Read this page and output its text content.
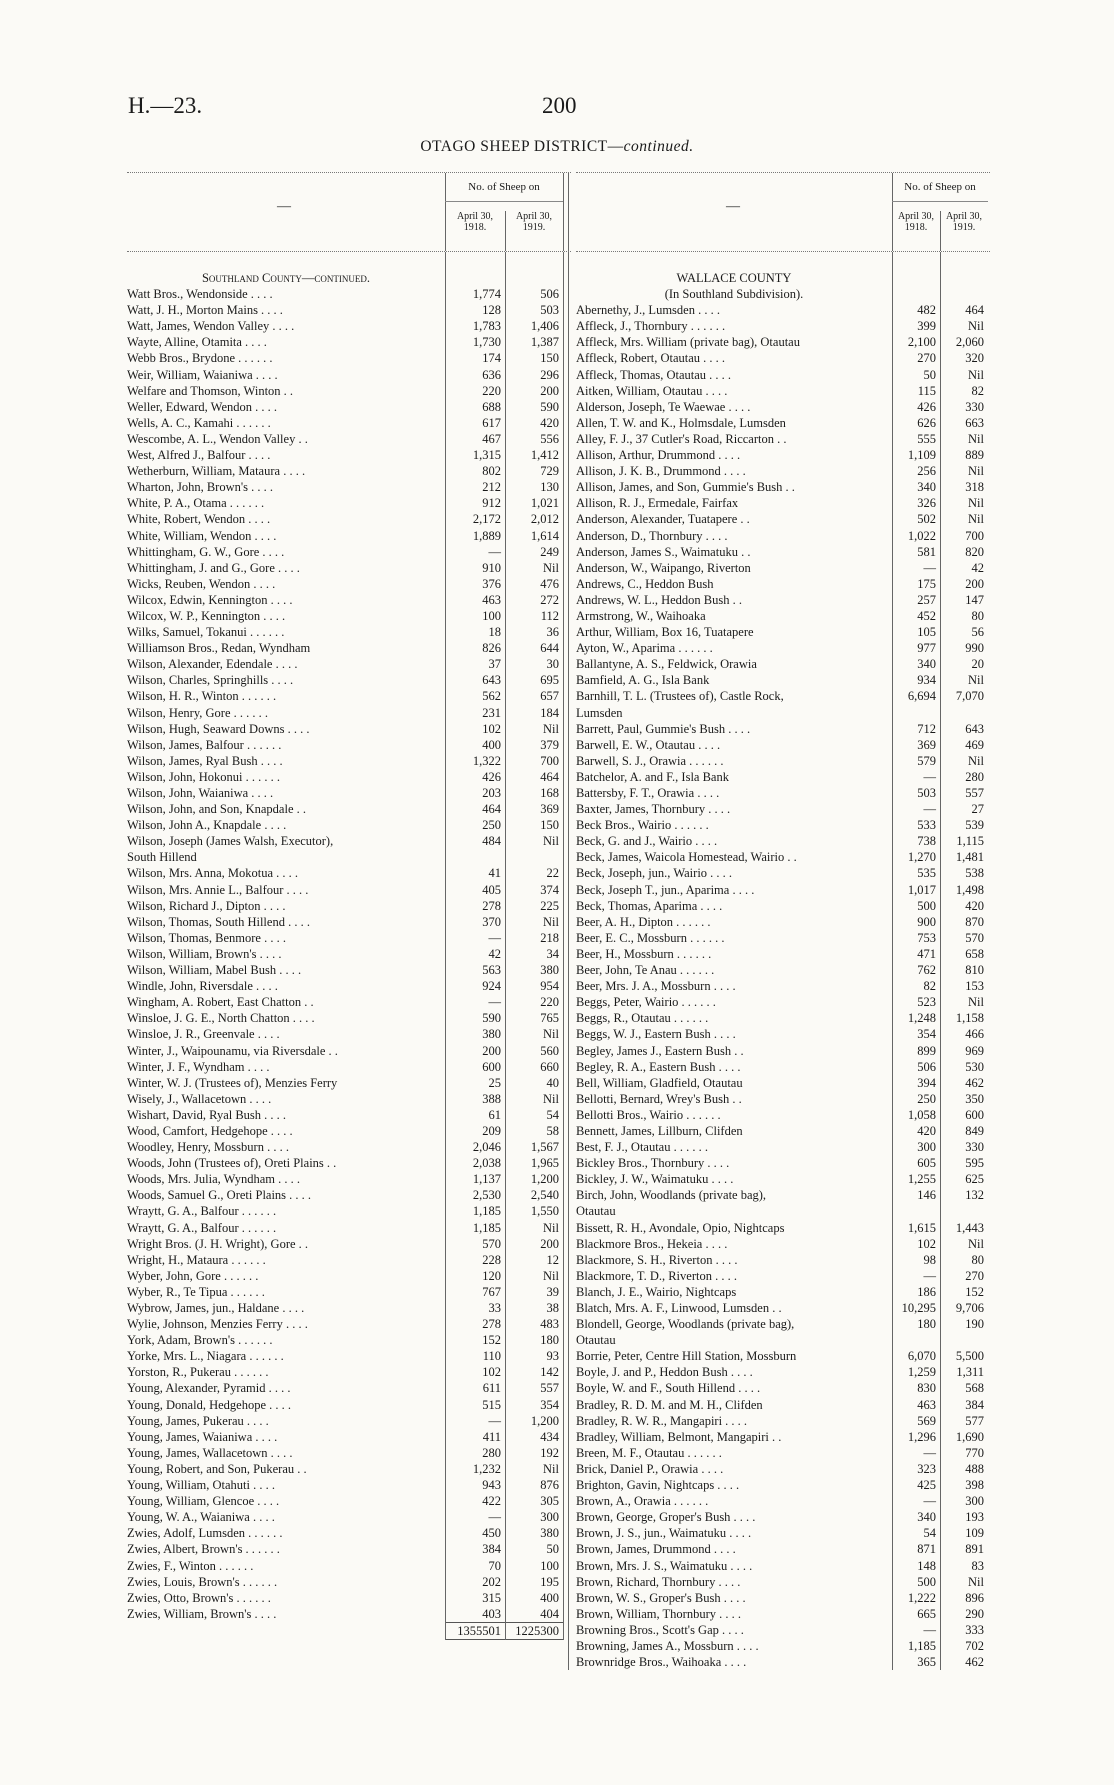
H.—23.	200
OTAGO SHEEP DISTRICT—continued.
—
No. of Sheep on
April 30,
1918.
April 30,
1919.
Southland County—continued.
Watt Bros., Wendonside . . . .	1,774	506
Watt, J. H., Morton Mains . . . .	128	503
Watt, James, Wendon Valley . . . .	1,783	1,406
Wayte, Alline, Otamita . . . .	1,730	1,387
Webb Bros., Brydone . . . . . .	174	150
Weir, William, Waianiwa . . . .	636	296
Welfare and Thomson, Winton . .	220	200
Weller, Edward, Wendon . . . .	688	590
Wells, A. C., Kamahi . . . . . .	617	420
Wescombe, A. L., Wendon Valley . .	467	556
West, Alfred J., Balfour . . . .	1,315	1,412
Wetherburn, William, Mataura . . . .	802	729
Wharton, John, Brown's . . . .	212	130
White, P. A., Otama . . . . . .	912	1,021
White, Robert, Wendon . . . .	2,172	2,012
White, William, Wendon . . . .	1,889	1,614
Whittingham, G. W., Gore . . . .	—	249
Whittingham, J. and G., Gore . . . .	910	Nil
Wicks, Reuben, Wendon . . . .	376	476
Wilcox, Edwin, Kennington . . . .	463	272
Wilcox, W. P., Kennington . . . .	100	112
Wilks, Samuel, Tokanui . . . . . .	18	36
Williamson Bros., Redan, Wyndham	826	644
Wilson, Alexander, Edendale . . . .	37	30
Wilson, Charles, Springhills . . . .	643	695
Wilson, H. R., Winton . . . . . .	562	657
Wilson, Henry, Gore . . . . . .	231	184
Wilson, Hugh, Seaward Downs . . . .	102	Nil
Wilson, James, Balfour . . . . . .	400	379
Wilson, James, Ryal Bush . . . .	1,322	700
Wilson, John, Hokonui . . . . . .	426	464
Wilson, John, Waianiwa . . . .	203	168
Wilson, John, and Son, Knapdale . .	464	369
Wilson, John A., Knapdale . . . .	250	150
Wilson, Joseph (James Walsh, Executor),	484	Nil
South Hillend
Wilson, Mrs. Anna, Mokotua . . . .	41	22
Wilson, Mrs. Annie L., Balfour . . . .	405	374
Wilson, Richard J., Dipton . . . .	278	225
Wilson, Thomas, South Hillend . . . .	370	Nil
Wilson, Thomas, Benmore . . . .	—	218
Wilson, William, Brown's . . . .	42	34
Wilson, William, Mabel Bush . . . .	563	380
Windle, John, Riversdale . . . .	924	954
Wingham, A. Robert, East Chatton . .	—	220
Winsloe, J. G. E., North Chatton . . . .	590	765
Winsloe, J. R., Greenvale . . . .	380	Nil
Winter, J., Waipounamu, via Riversdale . .	200	560
Winter, J. F., Wyndham . . . .	600	660
Winter, W. J. (Trustees of), Menzies Ferry	25	40
Wisely, J., Wallacetown . . . .	388	Nil
Wishart, David, Ryal Bush . . . .	61	54
Wood, Camfort, Hedgehope . . . .	209	58
Woodley, Henry, Mossburn . . . .	2,046	1,567
Woods, John (Trustees of), Oreti Plains . .	2,038	1,965
Woods, Mrs. Julia, Wyndham . . . .	1,137	1,200
Woods, Samuel G., Oreti Plains . . . .	2,530	2,540
Wraytt, G. A., Balfour . . . . . .	1,185	1,550
Wraytt, G. A., Balfour . . . . . .	1,185	Nil
Wright Bros. (J. H. Wright), Gore . .	570	200
Wright, H., Mataura . . . . . .	228	12
Wyber, John, Gore . . . . . .	120	Nil
Wyber, R., Te Tipua . . . . . .	767	39
Wybrow, James, jun., Haldane . . . .	33	38
Wylie, Johnson, Menzies Ferry . . . .	278	483
York, Adam, Brown's . . . . . .	152	180
Yorke, Mrs. L., Niagara . . . . . .	110	93
Yorston, R., Pukerau . . . . . .	102	142
Young, Alexander, Pyramid . . . .	611	557
Young, Donald, Hedgehope . . . .	515	354
Young, James, Pukerau . . . .	—	1,200
Young, James, Waianiwa . . . .	411	434
Young, James, Wallacetown . . . .	280	192
Young, Robert, and Son, Pukerau . .	1,232	Nil
Young, William, Otahuti . . . .	943	876
Young, William, Glencoe . . . .	422	305
Young, W. A., Waianiwa . . . .	—	300
Zwies, Adolf, Lumsden . . . . . .	450	380
Zwies, Albert, Brown's . . . . . .	384	50
Zwies, F., Winton . . . . . .	70	100
Zwies, Louis, Brown's . . . . . .	202	195
Zwies, Otto, Brown's . . . . . .	315	400
Zwies, William, Brown's . . . .	403	404
1355501	1225300
—
No. of Sheep on
April 30,
1918.
April 30,
1919.
WALLACE COUNTY
(In Southland Subdivision).
Abernethy, J., Lumsden . . . .	482	464
Affleck, J., Thornbury . . . . . .	399	Nil
Affleck, Mrs. William (private bag), Otautau	2,100	2,060
Affleck, Robert, Otautau . . . .	270	320
Affleck, Thomas, Otautau . . . .	50	Nil
Aitken, William, Otautau . . . .	115	82
Alderson, Joseph, Te Waewae . . . .	426	330
Allen, T. W. and K., Holmsdale, Lumsden	626	663
Alley, F. J., 37 Cutler's Road, Riccarton . .	555	Nil
Allison, Arthur, Drummond . . . .	1,109	889
Allison, J. K. B., Drummond . . . .	256	Nil
Allison, James, and Son, Gummie's Bush . .	340	318
Allison, R. J., Ermedale, Fairfax	326	Nil
Anderson, Alexander, Tuatapere . .	502	Nil
Anderson, D., Thornbury . . . .	1,022	700
Anderson, James S., Waimatuku . .	581	820
Anderson, W., Waipango, Riverton	—	42
Andrews, C., Heddon Bush	175	200
Andrews, W. L., Heddon Bush . .	257	147
Armstrong, W., Waihoaka	452	80
Arthur, William, Box 16, Tuatapere	105	56
Ayton, W., Aparima . . . . . .	977	990
Ballantyne, A. S., Feldwick, Orawia	340	20
Bamfield, A. G., Isla Bank	934	Nil
Barnhill, T. L. (Trustees of), Castle Rock,	6,694	7,070
Lumsden
Barrett, Paul, Gummie's Bush . . . .	712	643
Barwell, E. W., Otautau . . . .	369	469
Barwell, S. J., Orawia . . . . . .	579	Nil
Batchelor, A. and F., Isla Bank	—	280
Battersby, F. T., Orawia . . . .	503	557
Baxter, James, Thornbury . . . .	—	27
Beck Bros., Wairio . . . . . .	533	539
Beck, G. and J., Wairio . . . .	738	1,115
Beck, James, Waicola Homestead, Wairio . .	1,270	1,481
Beck, Joseph, jun., Wairio . . . .	535	538
Beck, Joseph T., jun., Aparima . . . .	1,017	1,498
Beck, Thomas, Aparima . . . .	500	420
Beer, A. H., Dipton . . . . . .	900	870
Beer, E. C., Mossburn . . . . . .	753	570
Beer, H., Mossburn . . . . . .	471	658
Beer, John, Te Anau . . . . . .	762	810
Beer, Mrs. J. A., Mossburn . . . .	82	153
Beggs, Peter, Wairio . . . . . .	523	Nil
Beggs, R., Otautau . . . . . .	1,248	1,158
Beggs, W. J., Eastern Bush . . . .	354	466
Begley, James J., Eastern Bush . .	899	969
Begley, R. A., Eastern Bush . . . .	506	530
Bell, William, Gladfield, Otautau	394	462
Bellotti, Bernard, Wrey's Bush . .	250	350
Bellotti Bros., Wairio . . . . . .	1,058	600
Bennett, James, Lillburn, Clifden	420	849
Best, F. J., Otautau . . . . . .	300	330
Bickley Bros., Thornbury . . . .	605	595
Bickley, J. W., Waimatuku . . . .	1,255	625
Birch, John, Woodlands (private bag),	146	132
Otautau
Bissett, R. H., Avondale, Opio, Nightcaps	1,615	1,443
Blackmore Bros., Hekeia . . . .	102	Nil
Blackmore, S. H., Riverton . . . .	98	80
Blackmore, T. D., Riverton . . . .	—	270
Blanch, J. E., Wairio, Nightcaps	186	152
Blatch, Mrs. A. F., Linwood, Lumsden . .	10,295	9,706
Blondell, George, Woodlands (private bag),	180	190
Otautau
Borrie, Peter, Centre Hill Station, Mossburn	6,070	5,500
Boyle, J. and P., Heddon Bush . . . .	1,259	1,311
Boyle, W. and F., South Hillend . . . .	830	568
Bradley, R. D. M. and M. H., Clifden	463	384
Bradley, R. W. R., Mangapiri . . . .	569	577
Bradley, William, Belmont, Mangapiri . .	1,296	1,690
Breen, M. F., Otautau . . . . . .	—	770
Brick, Daniel P., Orawia . . . .	323	488
Brighton, Gavin, Nightcaps . . . .	425	398
Brown, A., Orawia . . . . . .	—	300
Brown, George, Groper's Bush . . . .	340	193
Brown, J. S., jun., Waimatuku . . . .	54	109
Brown, James, Drummond . . . .	871	891
Brown, Mrs. J. S., Waimatuku . . . .	148	83
Brown, Richard, Thornbury . . . .	500	Nil
Brown, W. S., Groper's Bush . . . .	1,222	896
Brown, William, Thornbury . . . .	665	290
Browning Bros., Scott's Gap . . . .	—	333
Browning, James A., Mossburn . . . .	1,185	702
Brownridge Bros., Waihoaka . . . .	365	462
